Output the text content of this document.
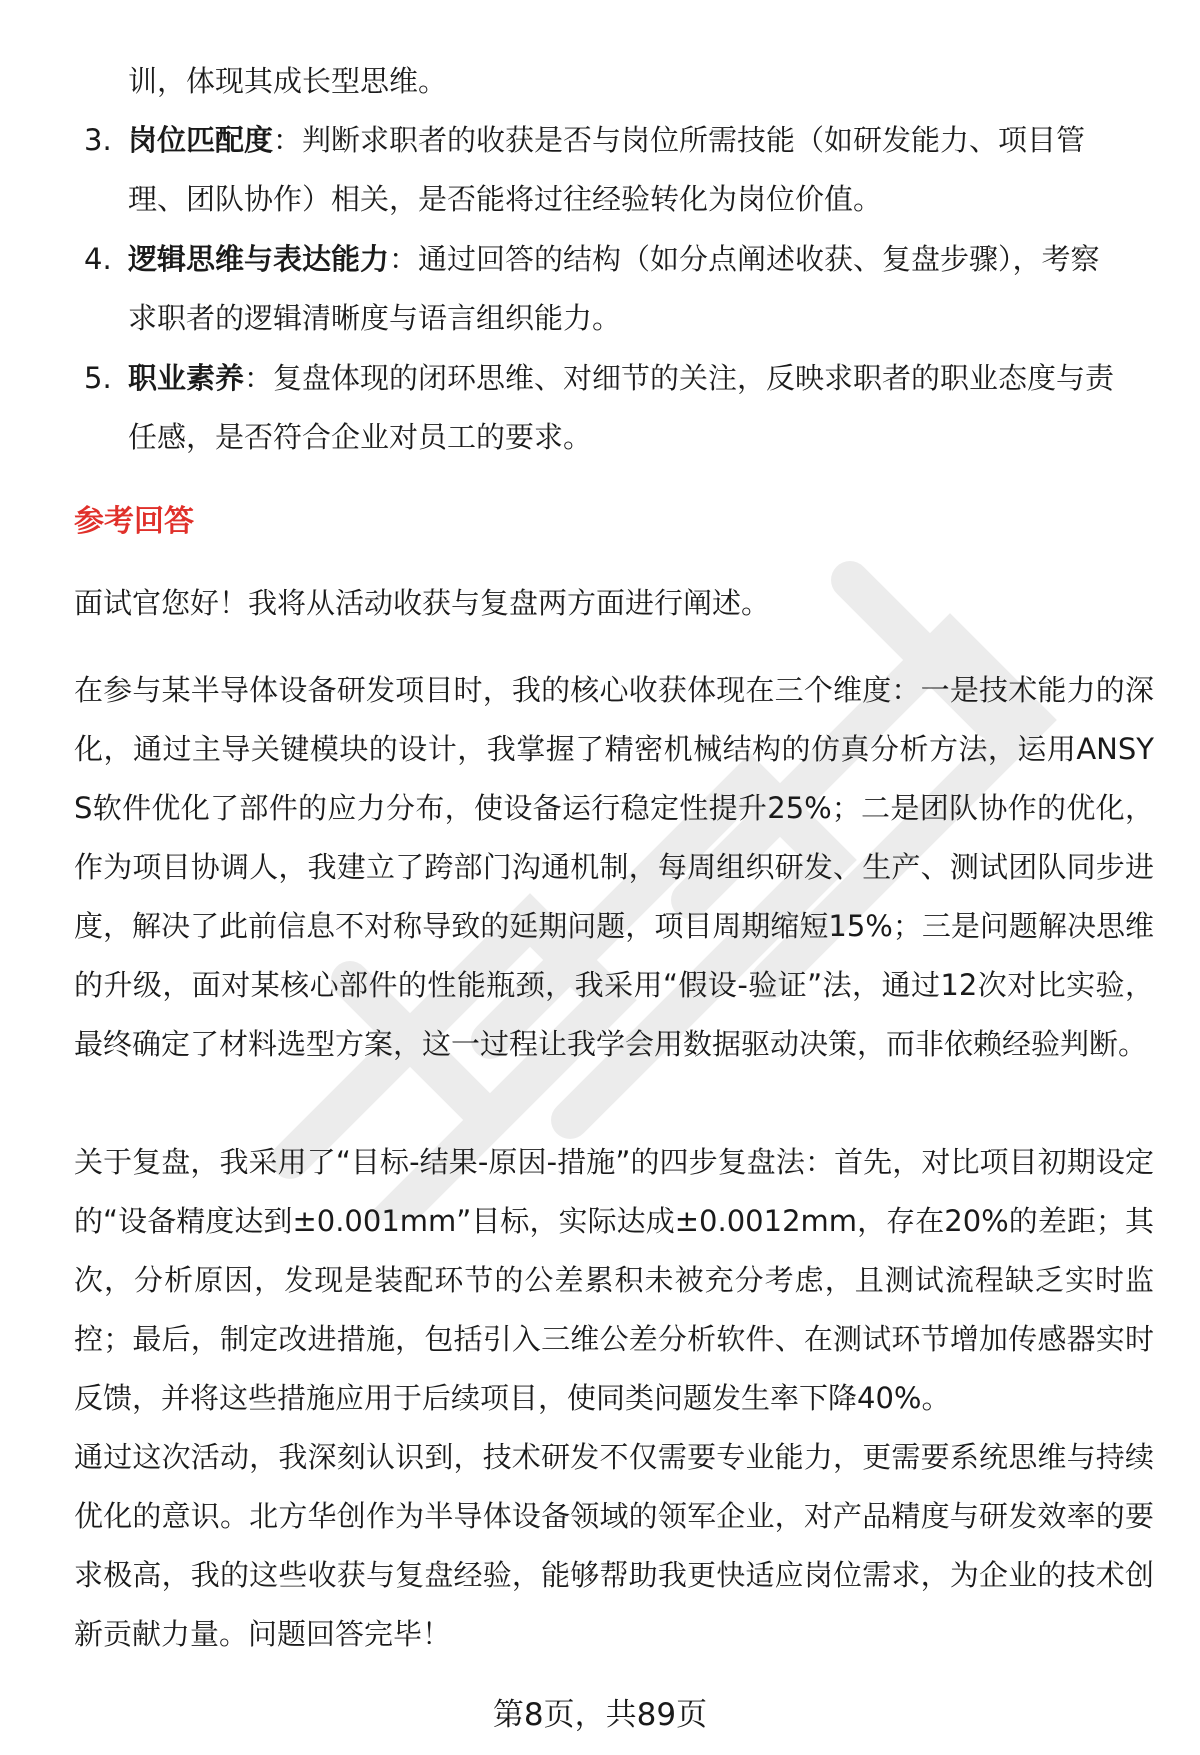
训，体现其成长型思维。
3. 岗位匹配度：判断求职者的收获是否与岗位所需技能（如研发能力、项目管理、团队协作）相关，是否能将过往经验转化为岗位价值。
4. 逻辑思维与表达能力：通过回答的结构（如分点阐述收获、复盘步骤），考察求职者的逻辑清晰度与语言组织能力。
5. 职业素养：复盘体现的闭环思维、对细节的关注，反映求职者的职业态度与责任感，是否符合企业对员工的要求。
参考回答

面试官您好！我将从活动收获与复盘两方面进行阐述。

在参与某半导体设备研发项目时，我的核心收获体现在三个维度：一是技术能力的深化，通过主导关键模块的设计，我掌握了精密机械结构的仿真分析方法，运用ANSYS软件优化了部件的应力分布，使设备运行稳定性提升25%；二是团队协作的优化，作为项目协调人，我建立了跨部门沟通机制，每周组织研发、生产、测试团队同步进度，解决了此前信息不对称导致的延期问题，项目周期缩短15%；三是问题解决思维的升级，面对某核心部件的性能瓶颈，我采用“假设-验证”法，通过12次对比实验，最终确定了材料选型方案，这一过程让我学会用数据驱动决策，而非依赖经验判断。

关于复盘，我采用了“目标-结果-原因-措施”的四步复盘法：首先，对比项目初期设定的“设备精度达到±0.001mm”目标，实际达成±0.0012mm，存在20%的差距；其次，分析原因，发现是装配环节的公差累积未被充分考虑，且测试流程缺乏实时监控；最后，制定改进措施，包括引入三维公差分析软件、在测试环节增加传感器实时反馈，并将这些措施应用于后续项目，使同类问题发生率下降40%。

通过这次活动，我深刻认识到，技术研发不仅需要专业能力，更需要系统思维与持续优化的意识。北方华创作为半导体设备领域的领军企业，对产品精度与研发效率的要求极高，我的这些收获与复盘经验，能够帮助我更快适应岗位需求，为企业的技术创新贡献力量。问题回答完毕！

第8页，共89页
